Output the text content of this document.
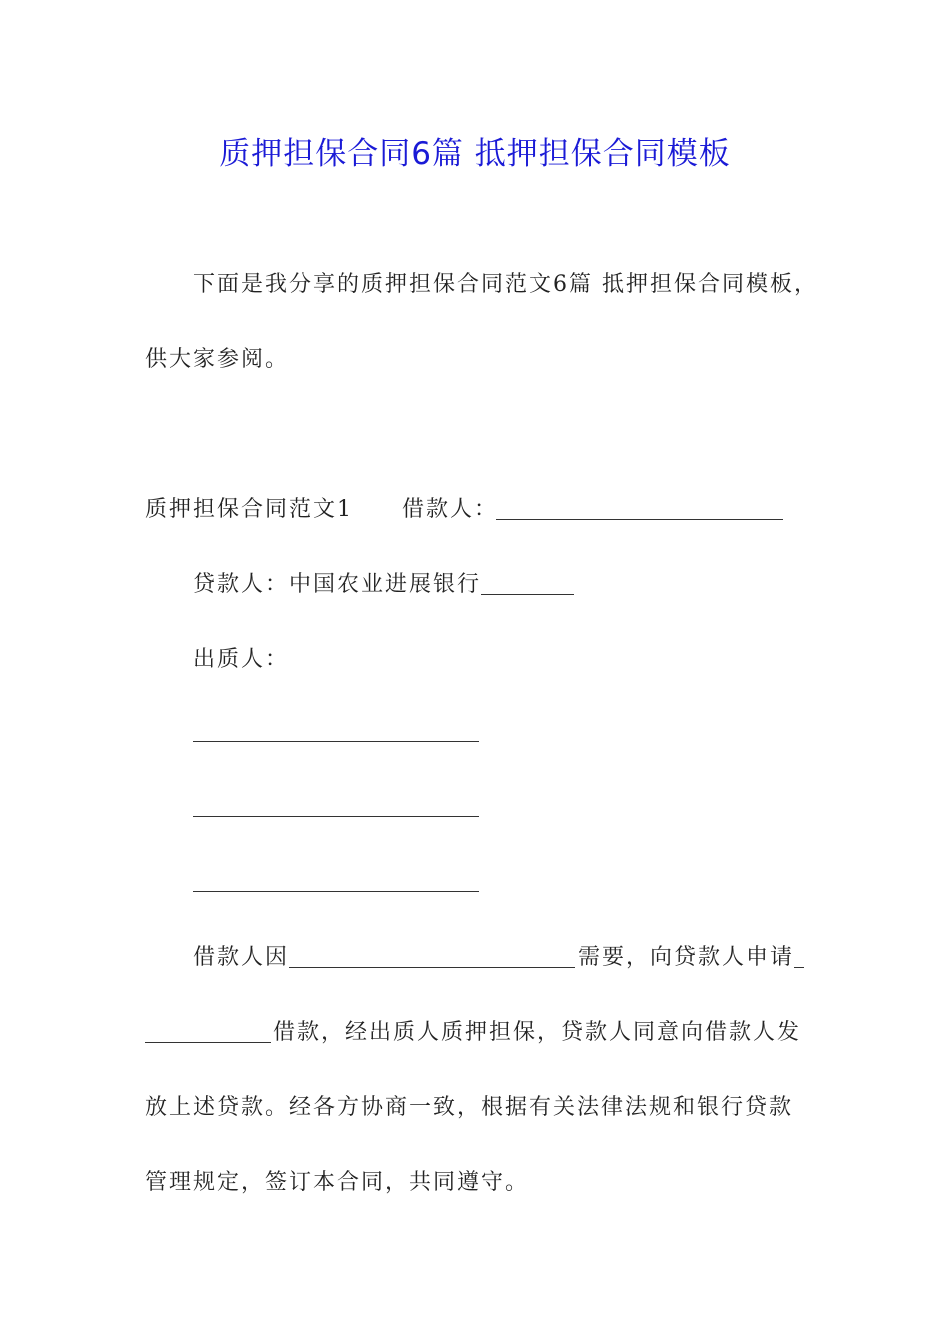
质押担保合同6篇 抵押担保合同模板
下面是我分享的质押担保合同范文6篇 抵押担保合同模板，
供大家参阅。
质押担保合同范文1 借款人：
贷款人：中国农业进展银行
出质人：
借款人因	需要，向贷款人申请
借款，经出质人质押担保，贷款人同意向借款人发
放上述贷款。经各方协商一致，根据有关法律法规和银行贷款
管理规定，签订本合同，共同遵守。
